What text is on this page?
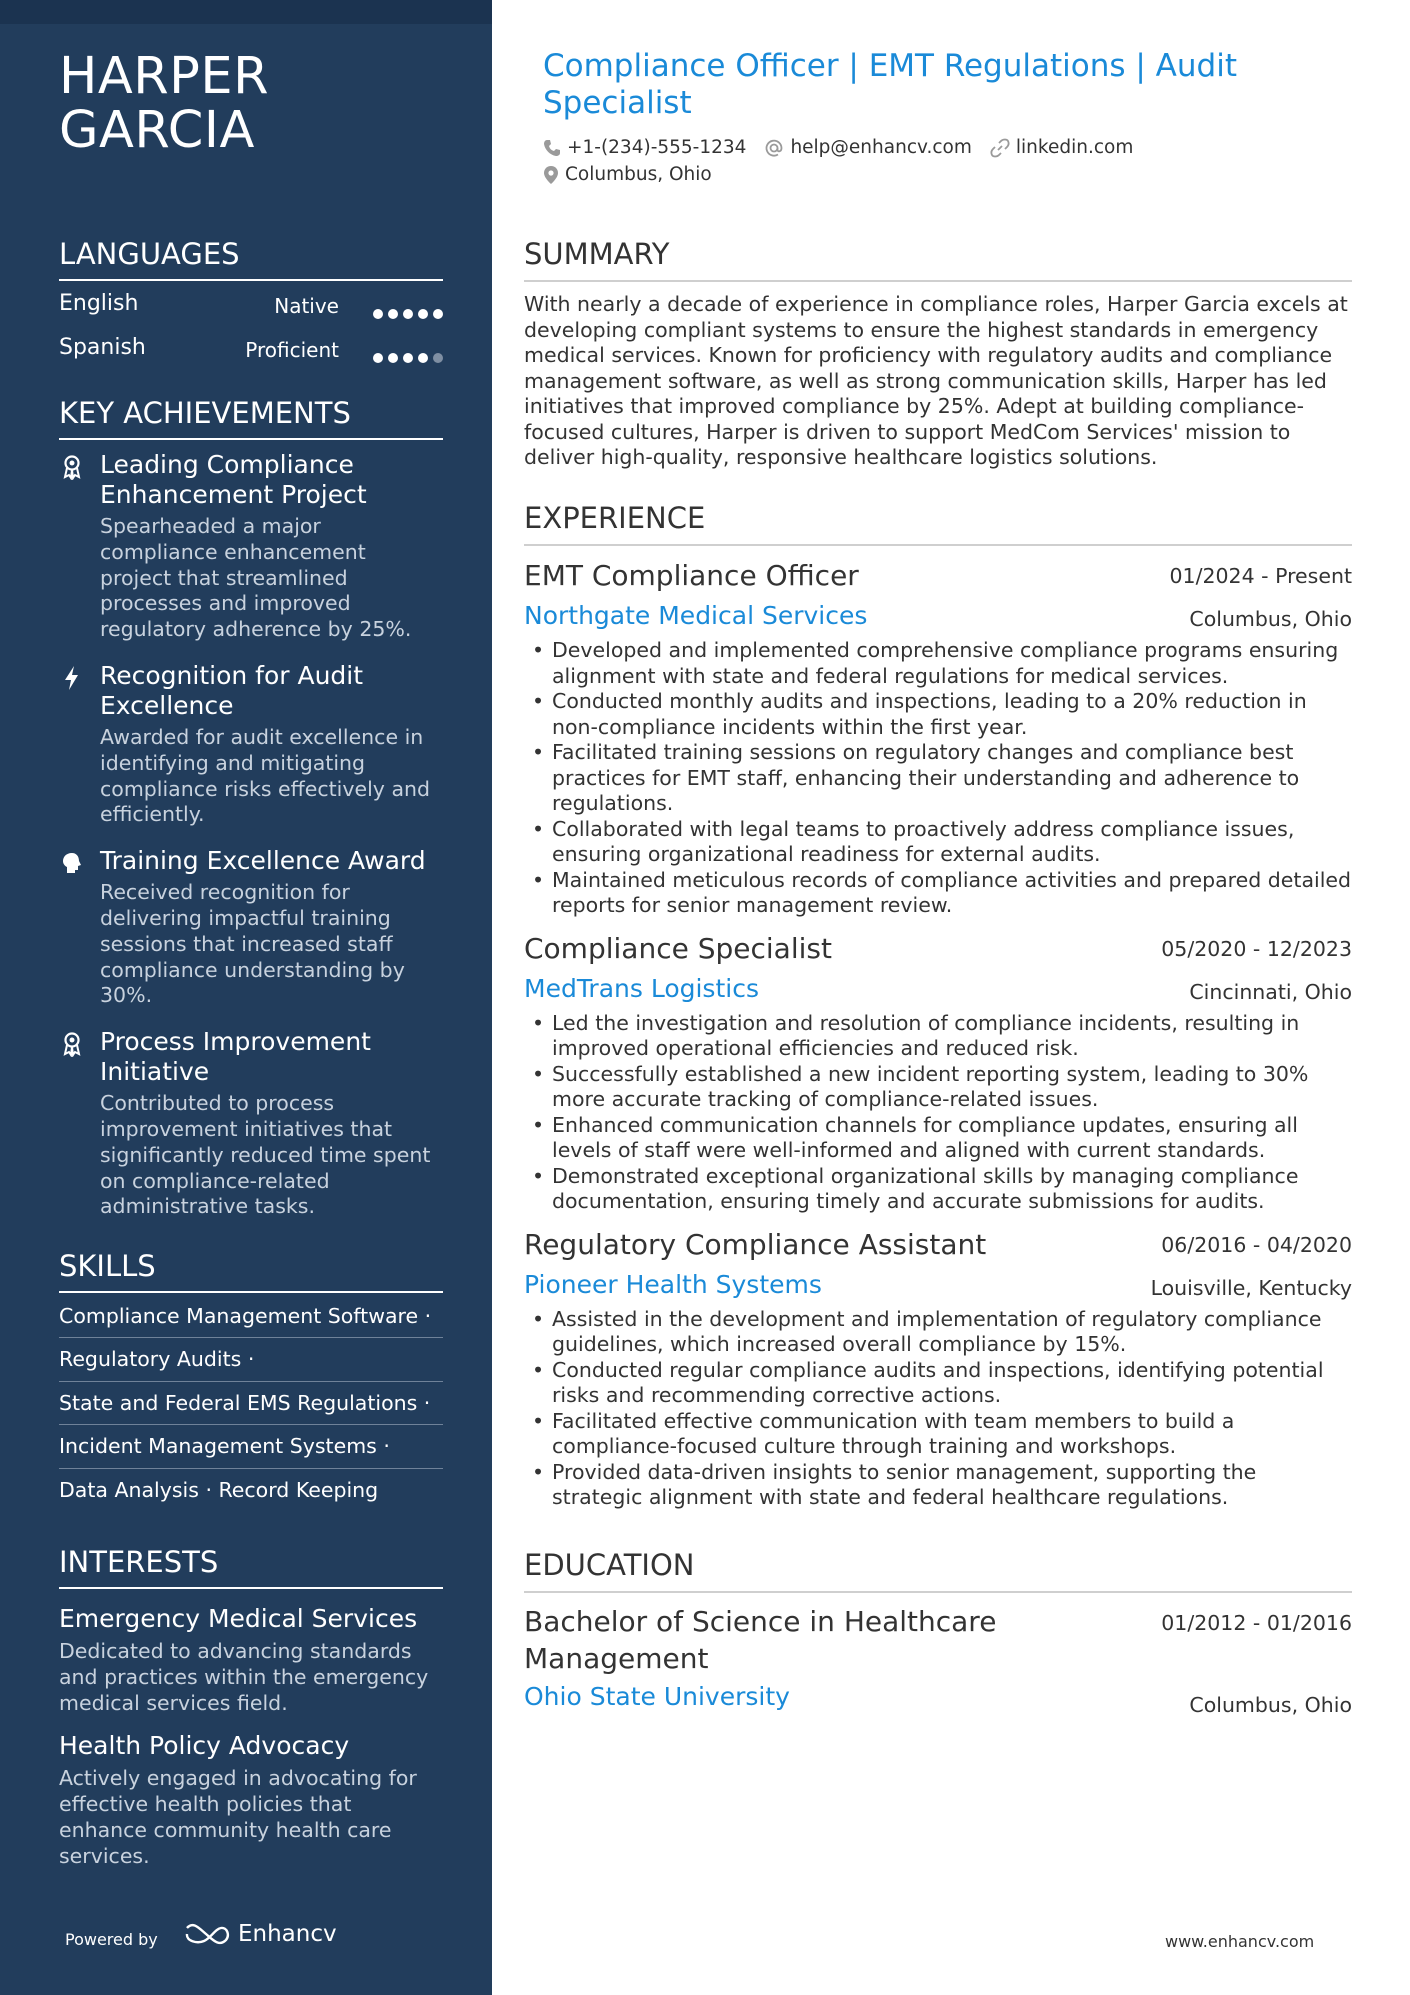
HARPER GARCIA
LANGUAGES
English	Native
Spanish	Proficient
KEY ACHIEVEMENTS
Leading Compliance Enhancement Project
Spearheaded a major compliance enhancement project that streamlined processes and improved regulatory adherence by 25%.
Recognition for Audit Excellence
Awarded for audit excellence in identifying and mitigating compliance risks effectively and efficiently.
Training Excellence Award
Received recognition for delivering impactful training sessions that increased staff compliance understanding by 30%.
Process Improvement Initiative
Contributed to process improvement initiatives that significantly reduced time spent on compliance-related administrative tasks.
SKILLS
Compliance Management Software ·
Regulatory Audits ·
State and Federal EMS Regulations ·
Incident Management Systems ·
Data Analysis · Record Keeping
INTERESTS
Emergency Medical Services
Dedicated to advancing standards and practices within the emergency medical services field.
Health Policy Advocacy
Actively engaged in advocating for effective health policies that enhance community health care services.
Powered by	Enhancv
Compliance Officer | EMT Regulations | Audit Specialist
+1-(234)-555-1234 help@enhancv.com linkedin.com
Columbus, Ohio
SUMMARY
With nearly a decade of experience in compliance roles, Harper Garcia excels at developing compliant systems to ensure the highest standards in emergency medical services. Known for proficiency with regulatory audits and compliance management software, as well as strong communication skills, Harper has led initiatives that improved compliance by 25%. Adept at building compliance-focused cultures, Harper is driven to support MedCom Services' mission to deliver high-quality, responsive healthcare logistics solutions.
EXPERIENCE
EMT Compliance Officer	01/2024 - Present
Northgate Medical Services	Columbus, Ohio
• Developed and implemented comprehensive compliance programs ensuring alignment with state and federal regulations for medical services.
• Conducted monthly audits and inspections, leading to a 20% reduction in non-compliance incidents within the first year.
• Facilitated training sessions on regulatory changes and compliance best practices for EMT staff, enhancing their understanding and adherence to regulations.
• Collaborated with legal teams to proactively address compliance issues, ensuring organizational readiness for external audits.
• Maintained meticulous records of compliance activities and prepared detailed reports for senior management review.
Compliance Specialist	05/2020 - 12/2023
MedTrans Logistics	Cincinnati, Ohio
• Led the investigation and resolution of compliance incidents, resulting in improved operational efficiencies and reduced risk.
• Successfully established a new incident reporting system, leading to 30% more accurate tracking of compliance-related issues.
• Enhanced communication channels for compliance updates, ensuring all levels of staff were well-informed and aligned with current standards.
• Demonstrated exceptional organizational skills by managing compliance documentation, ensuring timely and accurate submissions for audits.
Regulatory Compliance Assistant	06/2016 - 04/2020
Pioneer Health Systems	Louisville, Kentucky
• Assisted in the development and implementation of regulatory compliance guidelines, which increased overall compliance by 15%.
• Conducted regular compliance audits and inspections, identifying potential risks and recommending corrective actions.
• Facilitated effective communication with team members to build a compliance-focused culture through training and workshops.
• Provided data-driven insights to senior management, supporting the strategic alignment with state and federal healthcare regulations.
EDUCATION
Bachelor of Science in Healthcare Management
01/2012 - 01/2016
Ohio State University	Columbus, Ohio
www.enhancv.com
